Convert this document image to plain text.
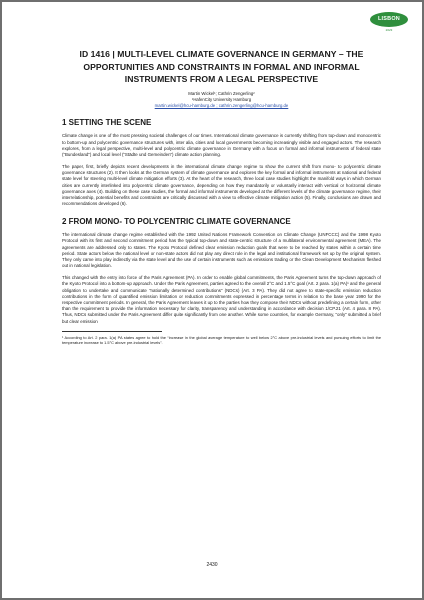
LISBON
2023
ID 1416 | MULTI-LEVEL CLIMATE GOVERNANCE IN GERMANY – THE OPPORTUNITIES AND CONSTRAINTS IN FORMAL AND INFORMAL INSTRUMENTS FROM A LEGAL PERSPECTIVE
Martin Wickel¹; Cathrin Zengerling²
¹HafenCity University Hamburg
martin.wickel@hcu-hamburg.de ; cathrin.zengerling@hcu-hamburg.de
1 SETTING THE SCENE

Climate change is one of the most pressing societal challenges of our times. International climate governance is currently shifting from top-down and monocentric to bottom-up and polycentric governance structures with, inter alia, cities and local governments becoming increasingly visible and engaged actors. The research explores, from a legal perspective, multi-level and polycentric climate governance in Germany with a focus on formal and informal instruments of federal state (“Bundesland”) and local level (“Städte und Gemeinden”) climate action planning.

The paper, first, briefly depicts recent developments in the international climate change regime to show the current shift from mono- to polycentric climate governance structures (2). It then looks at the German system of climate governance and explores the key formal and informal instruments at national and federal state level for steering multi-level climate mitigation efforts (3). At the heart of the research, three local case studies highlight the manifold ways in which German cities are currently interlinked into polycentric climate governance, depending on how they mandatorily or voluntarily interact with vertical or horizontal climate governance axes (4). Building on these case studies, the formal and informal instruments developed at the different levels of the climate governance regime, their interrelationship, potential benefits and constraints are critically discussed with a view to effective climate mitigation action (5). Finally, conclusions are drawn and recommendations developed (6).

2 FROM MONO- TO POLYCENTRIC CLIMATE GOVERNANCE

The international climate change regime established with the 1992 United Nations Framework Convention on Climate Change (UNFCCC) and the 1998 Kyoto Protocol with its first and second commitment period has the typical top-down and state-centric structure of a multilateral environmental agreement (MEA). The agreements are addressed only to states. The Kyoto Protocol defined clear emission reduction goals that were to be reached by states within a certain time period. State actors below the national level or non-state actors did not play any direct role in the legal and institutional framework set up by the original system. They only came into play indirectly via the state level and the use of certain instruments such as emissions trading or the Clean Development Mechanism fleshed out in national legislation.

This changed with the entry into force of the Paris Agreement (PA). In order to enable global commitments, the Paris Agreement turns the top-down approach of the Kyoto Protocol into a bottom-up approach. Under the Paris Agreement, parties agreed to the overall 2°C and 1.5°C goal (Art. 2 para. 1(a) PA)¹ and the general obligation to undertake and communicate “nationally determined contributions” (NDCs) (Art. 3 PA). They did not agree to state-specific emission reduction contributions in the form of quantified emission limitation or reduction commitments expressed in percentage terms in relation to the base year 1990 for the respective commitment periods. In general, the Paris Agreement leaves it up to the parties how they compose their NDCs without predefining a certain form, other than the requirement to provide the information necessary for clarity, transparency and understanding in accordance with decision 1/CP.21 (Art. 4 para. 8 PA). Thus, NDCs submitted under the Paris Agreement differ quite significantly from one another. While some countries, for example Germany, “only” submitted a brief but clear emission

¹ According to Art. 2 para. 1(a) PA states agree to hold the “increase in the global average temperature to well below 2°C above pre-industrial levels and pursuing efforts to limit the temperature increase to 1.5°C above pre-industrial levels”.
2430
